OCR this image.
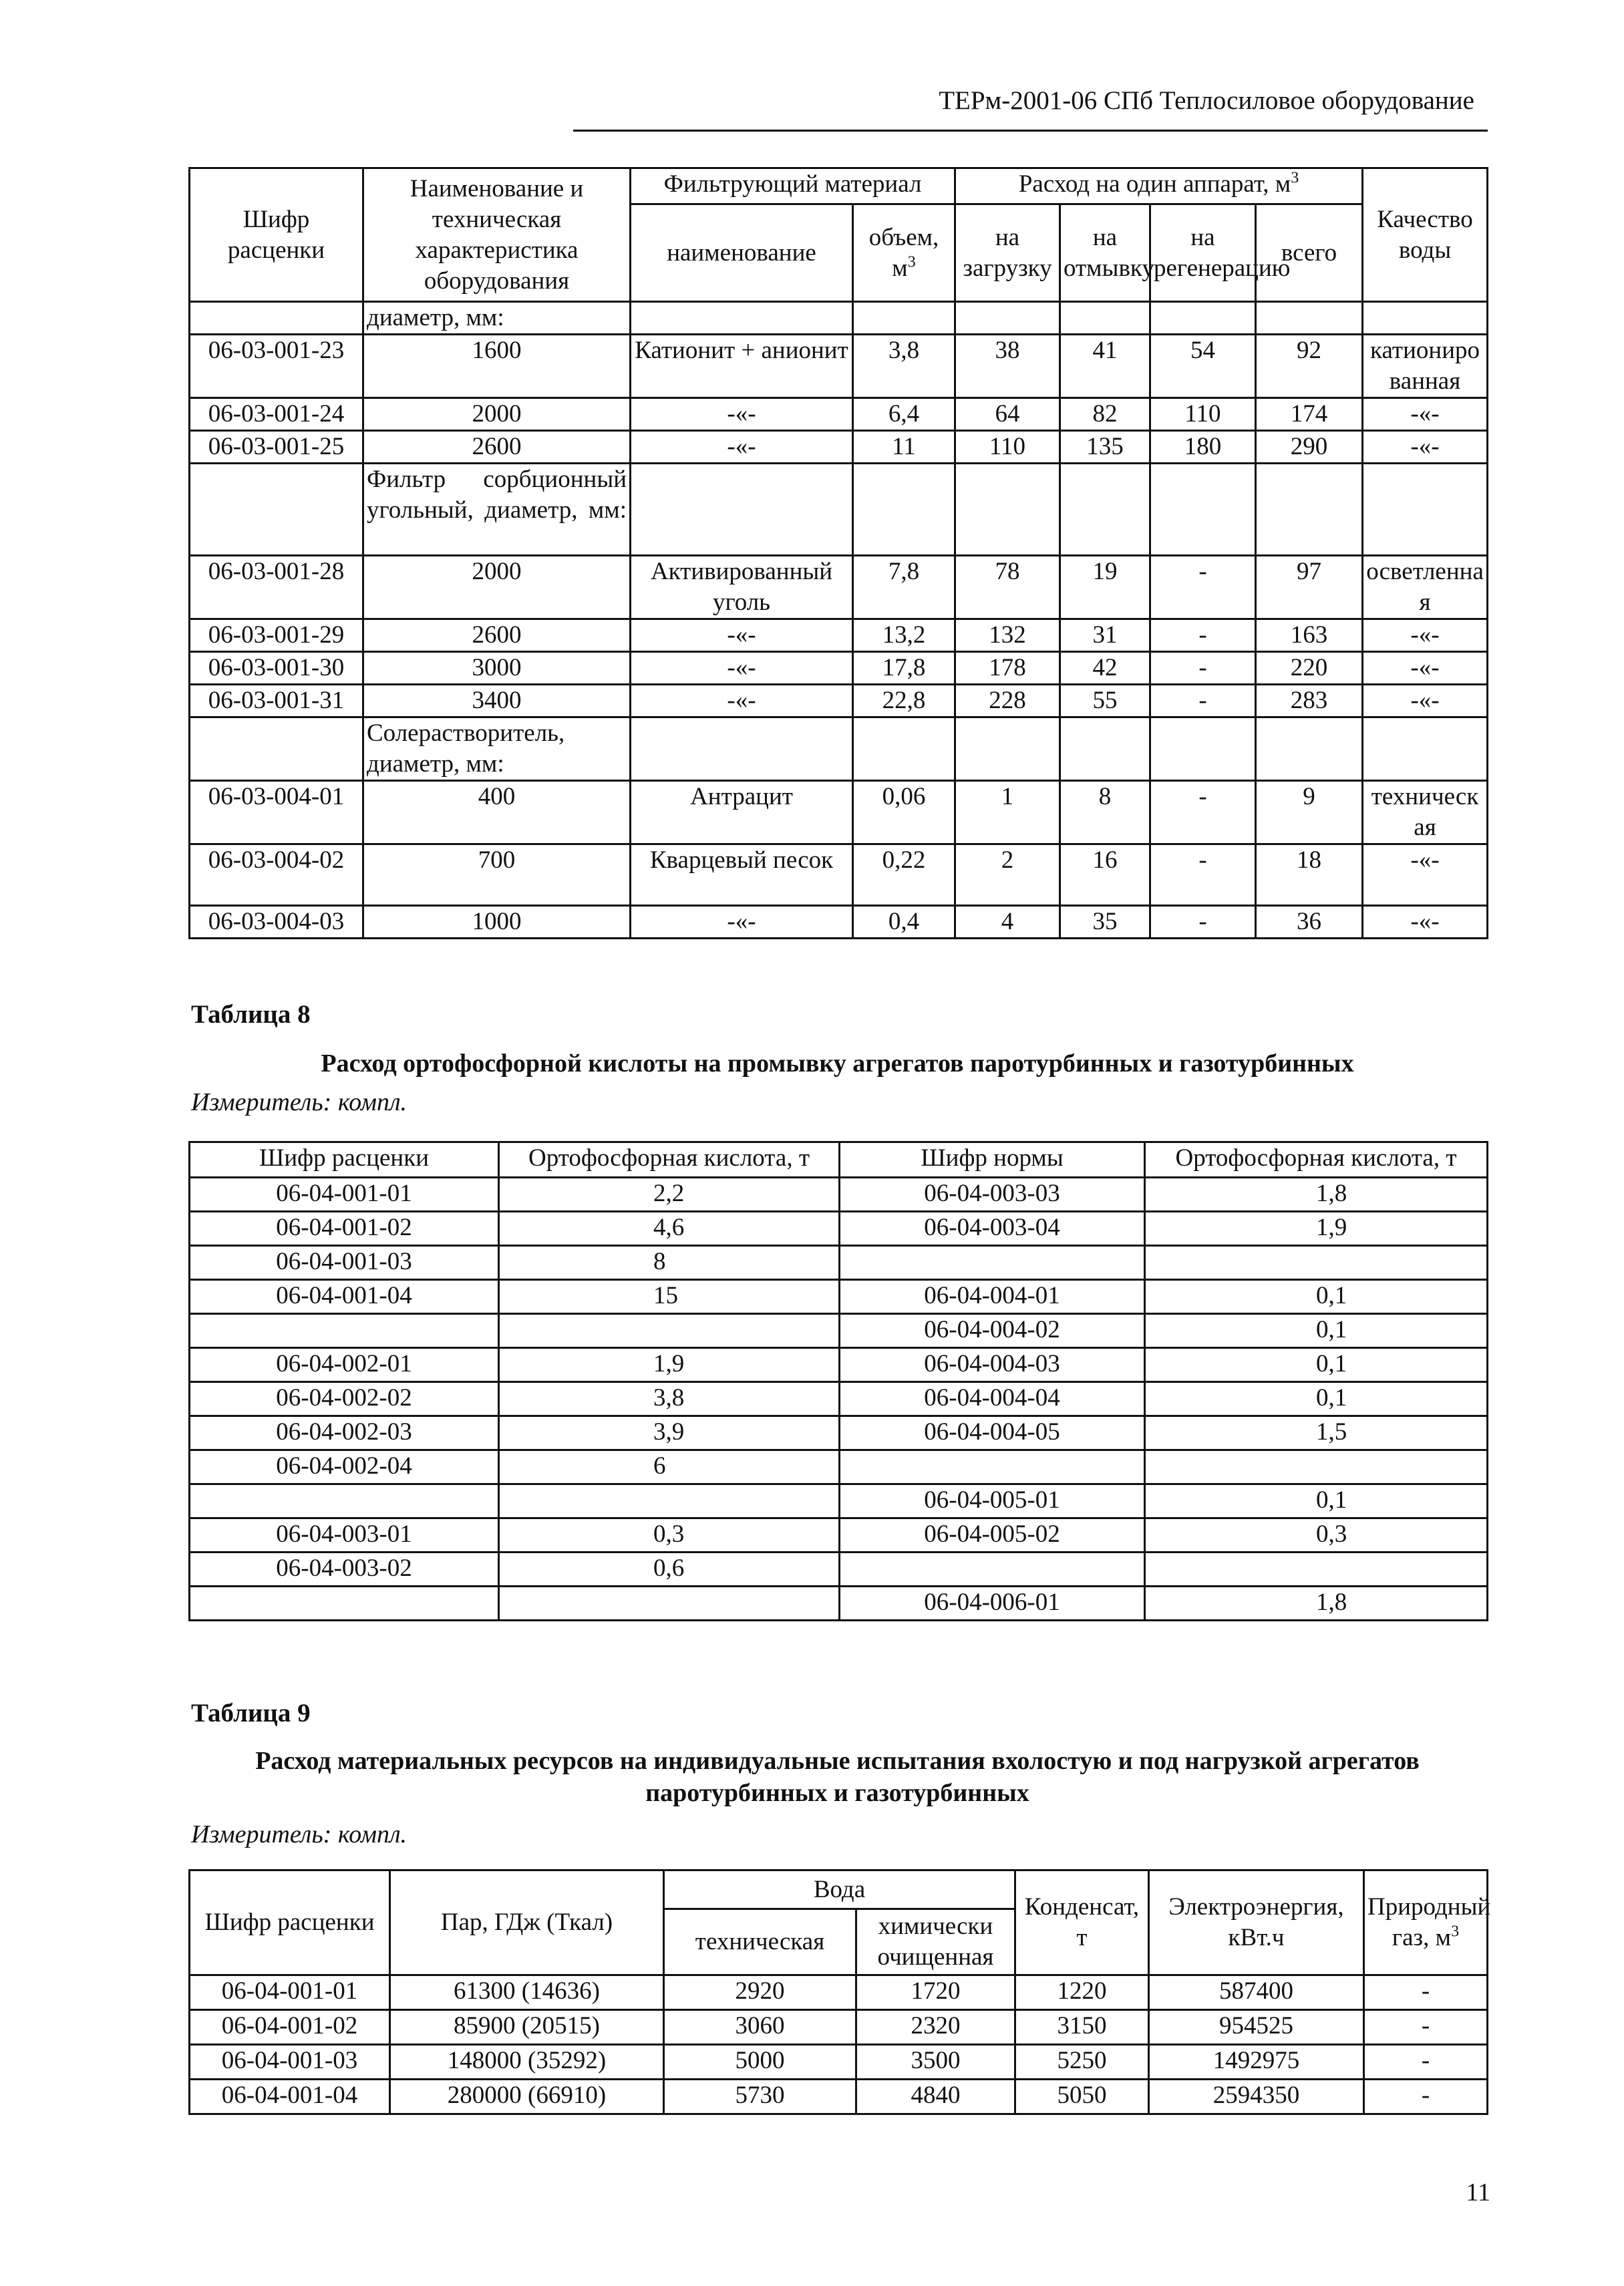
ТЕРм-2001-06 СПб Теплосиловое оборудование
Шифр расценки	Наименование и техническая характеристика оборудования	Фильтрующий материал		Расход на один аппарат, $м^3$				Качество воды
		наименование	объем, $м^3$	на загрузку	на отмывку	на регенерацию	всего	
	диаметр, мм:							
06-03-001-23	1600	Катионит + анионит	3,8	38	41	54	92	катионированная
06-03-001-24	2000	-«-	6,4	64	82	110	174	-«-
06-03-001-25	2600	-«-	11	110	135	180	290	-«-
	Фильтр сорбционный угольный, диаметр, мм:							
06-03-001-28	2000	Активированный уголь	7,8	78	19	-	97	осветленная
06-03-001-29	2600	-«-	13,2	132	31	-	163	-«-
06-03-001-30	3000	-«-	17,8	178	42	-	220	-«-
06-03-001-31	3400	-«-	22,8	228	55	-	283	-«-
	Солерастворитель, диаметр, мм:							
06-03-004-01	400	Антрацит	0,06	1	8	-	9	техническая
06-03-004-02	700	Кварцевый песок	0,22	2	16	-	18	-«-
06-03-004-03	1000	-«-	0,4	4	35	-	36	-«-
Таблица 8
Расход ортофосфорной кислоты на промывку агрегатов паротурбинных и газотурбинных
Измеритель: компл.
Шифр расценки	Ортофосфорная кислота, т	Шифр нормы	Ортофосфорная кислота, т
06-04-001-01	2,2	06-04-003-03	1,8
06-04-001-02	4,6	06-04-003-04	1,9
06-04-001-03	8		
06-04-001-04	15	06-04-004-01	0,1
		06-04-004-02	0,1
06-04-002-01	1,9	06-04-004-03	0,1
06-04-002-02	3,8	06-04-004-04	0,1
06-04-002-03	3,9	06-04-004-05	1,5
06-04-002-04	6		
		06-04-005-01	0,1
06-04-003-01	0,3	06-04-005-02	0,3
06-04-003-02	0,6		
		06-04-006-01	1,8
Таблица 9
Расход материальных ресурсов на индивидуальные испытания вхолостую и под нагрузкой агрегатов
паротурбинных и газотурбинных
Измеритель: компл.
Шифр расценки	Пар, ГДж (Ткал)	Вода		Конденсат, т	Электроэнергия, кВт.ч	Природный газ, $м^3$
		техническая	химически очищенная			
06-04-001-01	61300 (14636)	2920	1720	1220	587400	-
06-04-001-02	85900 (20515)	3060	2320	3150	954525	-
06-04-001-03	148000 (35292)	5000	3500	5250	1492975	-
06-04-001-04	280000 (66910)	5730	4840	5050	2594350	-
11
